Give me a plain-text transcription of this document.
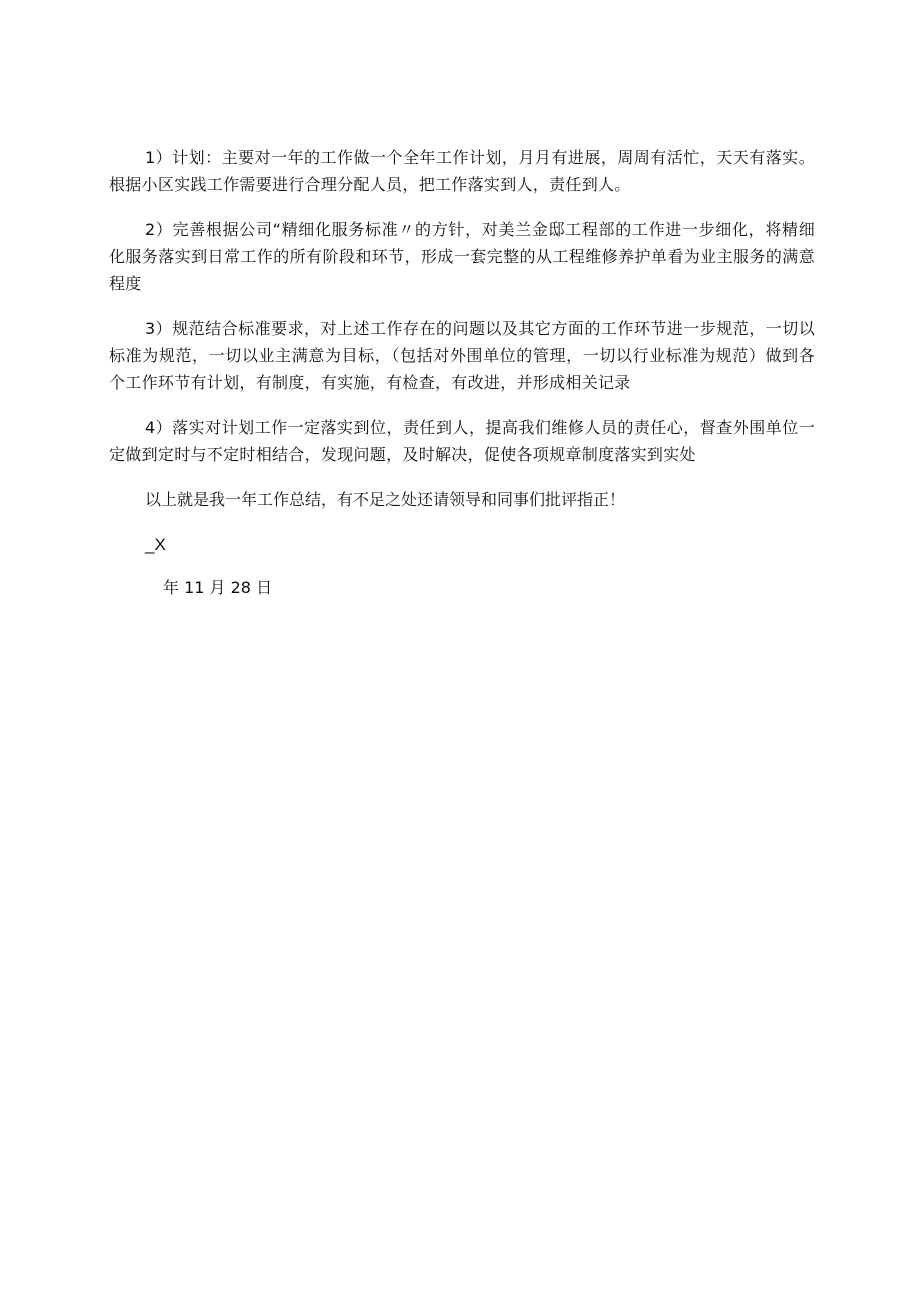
1）计划：主要对一年的工作做一个全年工作计划，月月有进展，周周有活忙，天天有落实。根据小区实践工作需要进行合理分配人员，把工作落实到人，责任到人。

2）完善根据公司“精细化服务标准〃的方针，对美兰金邸工程部的工作进一步细化，将精细化服务落实到日常工作的所有阶段和环节，形成一套完整的从工程维修养护单看为业主服务的满意程度

3）规范结合标准要求，对上述工作存在的问题以及其它方面的工作环节进一步规范，一切以标准为规范，一切以业主满意为目标，（包括对外围单位的管理，一切以行业标准为规范）做到各个工作环节有计划，有制度，有实施，有检查，有改进，并形成相关记录

4）落实对计划工作一定落实到位，责任到人，提高我们维修人员的责任心，督查外围单位一定做到定时与不定时相结合，发现问题，及时解决，促使各项规章制度落实到实处

以上就是我一年工作总结，有不足之处还请领导和同事们批评指正！

_X
年 11 月 28 日
